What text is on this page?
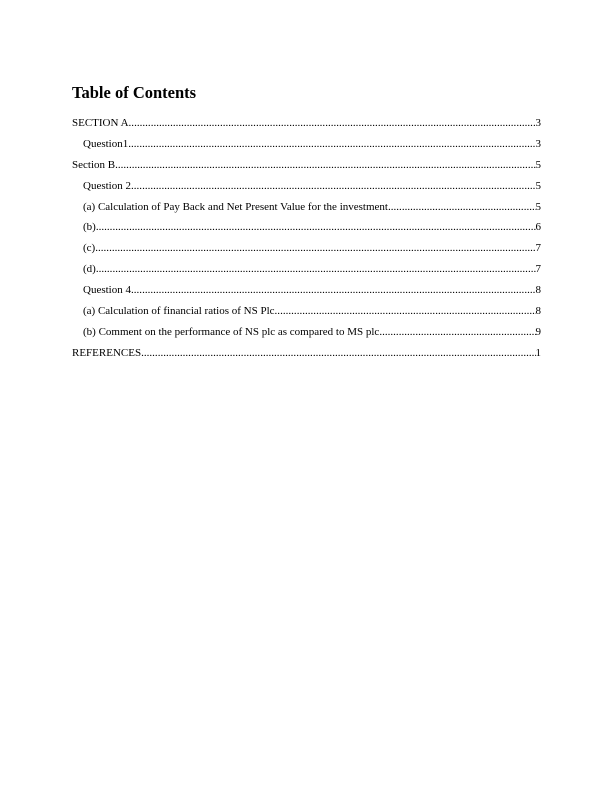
Table of Contents
SECTION A .....	3
Question1 .....	3
Section B .....	5
Question 2 .....	5
(a) Calculation of Pay Back and Net Present Value for the investment .....	5
(b) .....	6
(c) .....	7
(d) .....	7
Question 4 .....	8
(a) Calculation of financial ratios of NS Plc .....	8
(b) Comment on the performance of NS plc as compared to MS plc .....	9
REFERENCES .....	1
